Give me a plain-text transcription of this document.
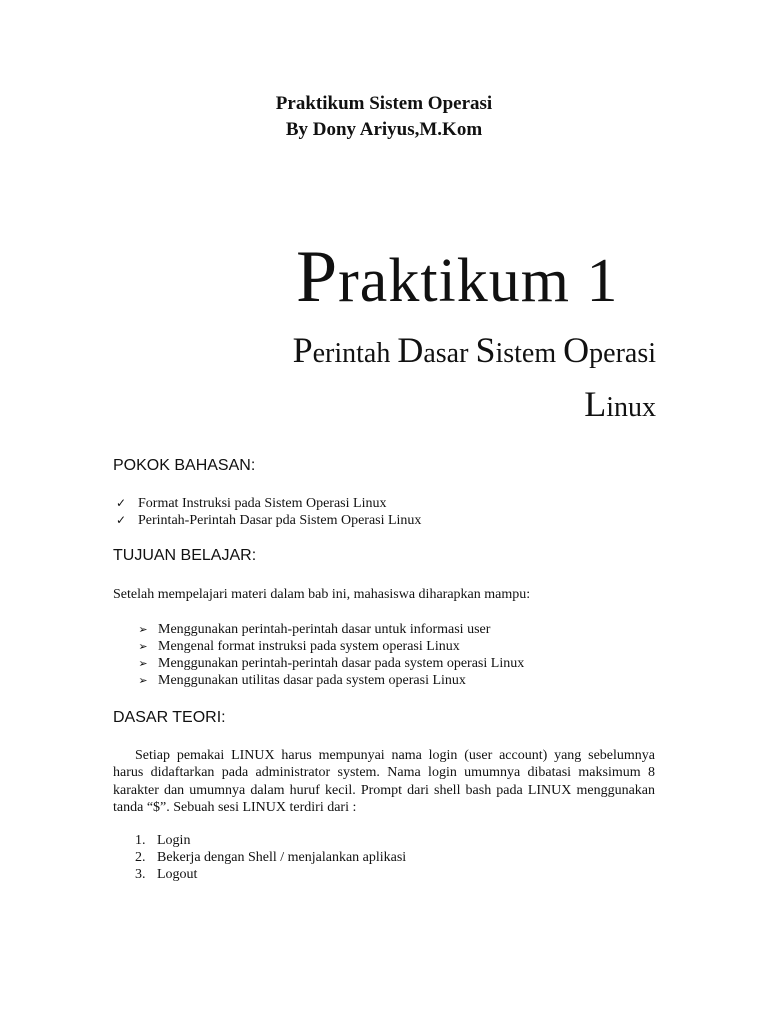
Praktikum Sistem Operasi
By Dony Ariyus,M.Kom
Praktikum 1
Perintah Dasar Sistem Operasi
Linux
POKOK BAHASAN:
✓ Format Instruksi pada Sistem Operasi Linux
✓ Perintah-Perintah Dasar pda Sistem Operasi Linux
TUJUAN BELAJAR:
Setelah mempelajari materi dalam bab ini, mahasiswa diharapkan mampu:
➢ Menggunakan perintah-perintah dasar untuk informasi user
➢ Mengenal format instruksi pada system operasi Linux
➢ Menggunakan perintah-perintah dasar pada system operasi Linux
➢ Menggunakan utilitas dasar pada system operasi Linux
DASAR TEORI:
Setiap pemakai LINUX harus mempunyai nama login (user account) yang sebelumnya harus didaftarkan pada administrator system. Nama login umumnya dibatasi maksimum 8 karakter dan umumnya dalam huruf kecil. Prompt dari shell bash pada LINUX menggunakan tanda “$”. Sebuah sesi LINUX terdiri dari :
1. Login
2. Bekerja dengan Shell / menjalankan aplikasi
3. Logout
